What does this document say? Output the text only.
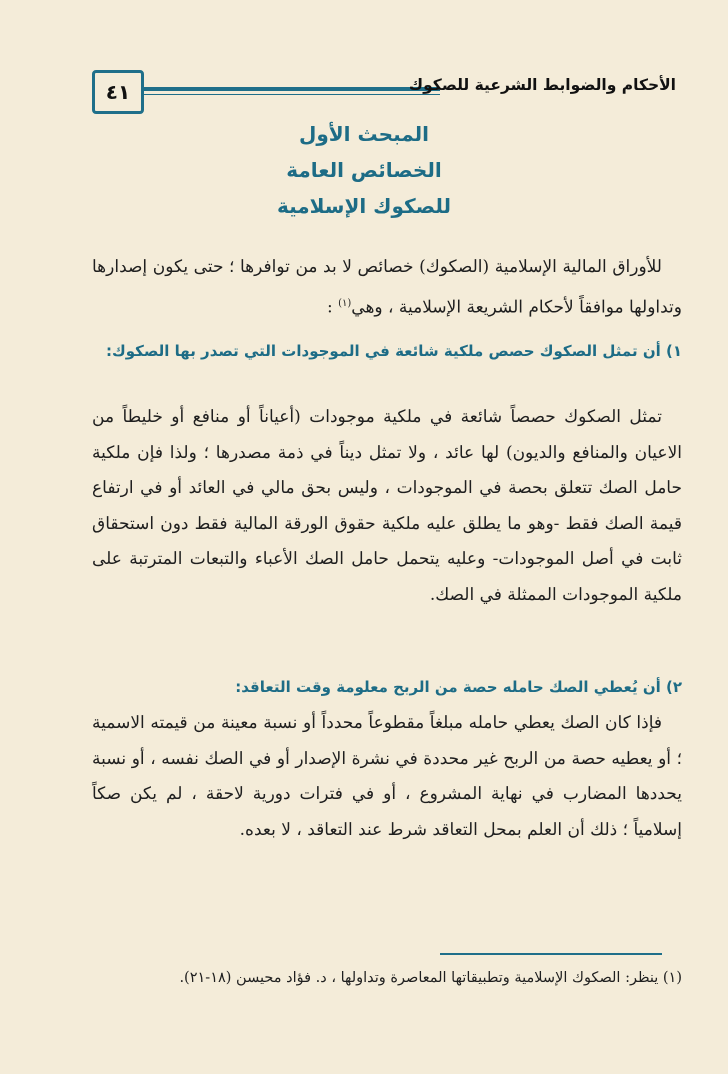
٤١	الأحكام والضوابط الشرعية للصكوك
المبحث الأول
الخصائص العامة
للصكوك الإسلامية

للأوراق المالية الإسلامية (الصكوك) خصائص لا بد من توافرها ؛ حتى يكون إصدارها وتداولها موافقاً لأحكام الشريعة الإسلامية ، وهي$^{(١)}$ :

١) أن تمثل الصكوك حصص ملكية شائعة في الموجودات التي تصدر بها الصكوك:

تمثل الصكوك حصصاً شائعة في ملكية موجودات (أعياناً أو منافع أو خليطاً من الاعيان والمنافع والديون) لها عائد ، ولا تمثل ديناً في ذمة مصدرها ؛ ولذا فإن ملكية حامل الصك تتعلق بحصة في الموجودات ، وليس بحق مالي في العائد أو في ارتفاع قيمة الصك فقط -وهو ما يطلق عليه ملكية حقوق الورقة المالية فقط دون استحقاق ثابت في أصل الموجودات- وعليه يتحمل حامل الصك الأعباء والتبعات المترتبة على ملكية الموجودات الممثلة في الصك.

٢) أن يُعطي الصك حامله حصة من الربح معلومة وقت التعاقد:

فإذا كان الصك يعطي حامله مبلغاً مقطوعاً محدداً أو نسبة معينة من قيمته الاسمية ؛ أو يعطيه حصة من الربح غير محددة في نشرة الإصدار أو في الصك نفسه ، أو نسبة يحددها المضارب في نهاية المشروع ، أو في فترات دورية لاحقة ، لم يكن صكاً إسلامياً ؛ ذلك أن العلم بمحل التعاقد شرط عند التعاقد ، لا بعده.

(١) ينظر: الصكوك الإسلامية وتطبيقاتها المعاصرة وتداولها ، د. فؤاد محيسن (١٨-٢١).
